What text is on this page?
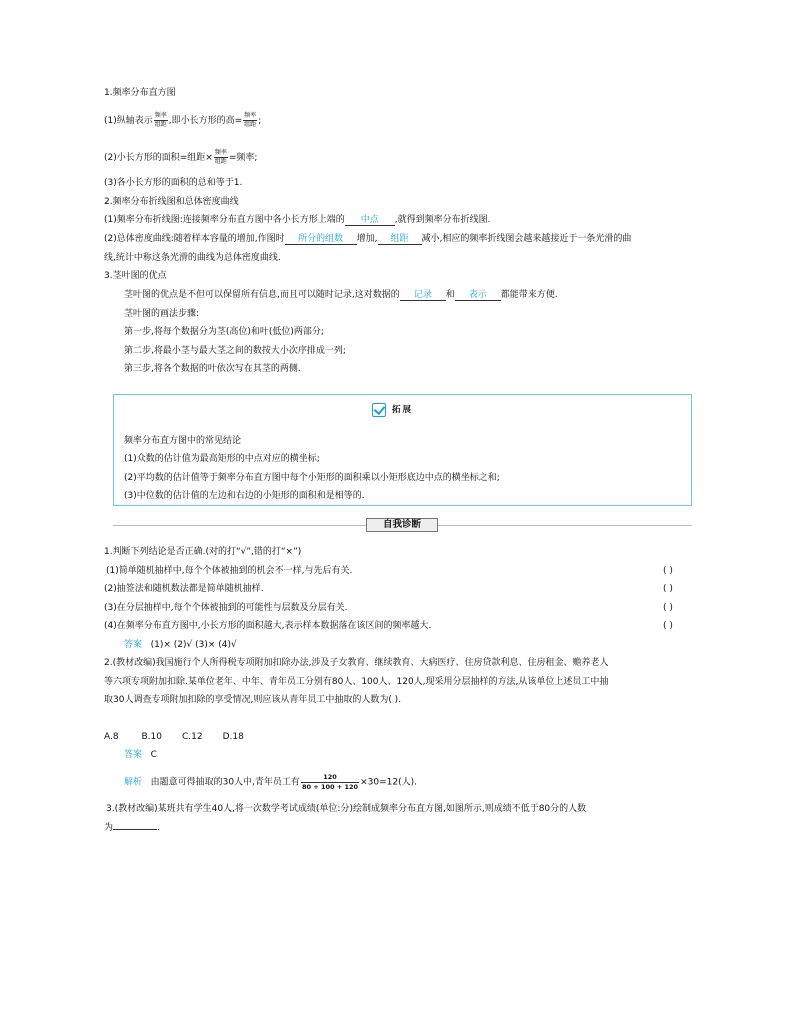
1.频率分布直方图
(1)纵轴表示
频率
组距 ,即小长方形的高=
频率
组距 ;
(2)小长方形的面积=组距×
频率
组距 =频率;
(3)各小长方形的面积的总和等于1.
2.频率分布折线图和总体密度曲线
(1)频率分布折线图:连接频率分布直方图中各小长方形上端的 中点 ,就得到频率分布折线图.
(2)总体密度曲线:随着样本容量的增加,作图时 所分的组数 增加, 组距 减小,相应的频率折线图会越来越接近于一条光滑的曲
线,统计中称这条光滑的曲线为总体密度曲线.
3.茎叶图的优点
茎叶图的优点是不但可以保留所有信息,而且可以随时记录,这对数据的 记录 和 表示 都能带来方便.
茎叶图的画法步骤:
第一步,将每个数据分为茎(高位)和叶(低位)两部分;
第二步,将最小茎与最大茎之间的数按大小次序排成一列;
第三步,将各个数据的叶依次写在其茎的两侧.
拓展
频率分布直方图中的常见结论
(1)众数的估计值为最高矩形的中点对应的横坐标;
(2)平均数的估计值等于频率分布直方图中每个小矩形的面积乘以小矩形底边中点的横坐标之和;
(3)中位数的估计值的左边和右边的小矩形的面积和是相等的.
自我诊断
1.判断下列结论是否正确.(对的打“√”,错的打“×”)
(1)简单随机抽样中,每个个体被抽到的机会不一样,与先后有关.	( )
(2)抽签法和随机数法都是简单随机抽样.	( )
(3)在分层抽样中,每个个体被抽到的可能性与层数及分层有关.	( )
(4)在频率分布直方图中,小长方形的面积越大,表示样本数据落在该区间的频率越大.	( )
答案 (1)× (2)√ (3)× (4)√
2.(教材改编)我国施行个人所得税专项附加扣除办法,涉及子女教育、继续教育、大病医疗、住房贷款利息、住房租金、赡养老人
等六项专项附加扣除.某单位老年、中年、青年员工分别有80人、100人、120人,现采用分层抽样的方法,从该单位上述员工中抽
取30人调查专项附加扣除的享受情况,则应该从青年员工中抽取的人数为( ).
A.8        B.10       C.12       D.18
答案 C
解析 由题意可得抽取的30人中,青年员工有 $\frac{120}{80 + 100 + 120} \times 30=12$(人).
3.(教材改编)某班共有学生40人,将一次数学考试成绩(单位:分)绘制成频率分布直方图,如图所示,则成绩不低于80分的人数
为	.
